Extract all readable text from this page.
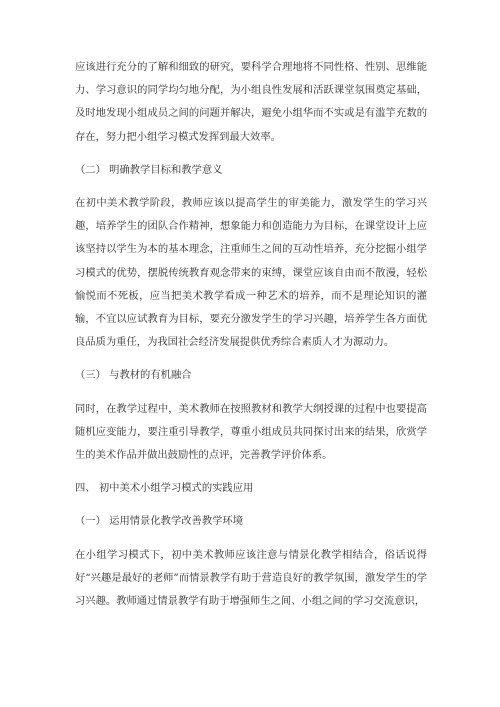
应该进行充分的了解和细致的研究，要科学合理地将不同性格、性别、思维能力、学习意识的同学均匀地分配，为小组良性发展和活跃课堂氛围奠定基础，及时地发现小组成员之间的问题并解决，避免小组华而不实或是有滥竽充数的存在，努力把小组学习模式发挥到最大效率。

（二） 明确教学目标和教学意义

在初中美术教学阶段，教师应该以提高学生的审美能力，激发学生的学习兴趣，培养学生的团队合作精神，想象能力和创造能力为目标，在课堂设计上应该坚持以学生为本的基本理念，注重师生之间的互动性培养，充分挖掘小组学习模式的优势，摆脱传统教育观念带来的束缚，课堂应该自由而不散漫，轻松愉悦而不死板，应当把美术教学看成一种艺术的培养，而不是理论知识的灌输，不宜以应试教育为目标，要充分激发学生的学习兴趣，培养学生各方面优良品质为重任，为我国社会经济发展提供优秀综合素质人才为源动力。

（三） 与教材的有机融合

同时，在教学过程中，美术教师在按照教材和教学大纲授课的过程中也要提高随机应变能力，要注重引导教学，尊重小组成员共同探讨出来的结果，欣赏学生的美术作品并做出鼓励性的点评，完善教学评价体系。

四、 初中美术小组学习模式的实践应用

（一） 运用情景化教学改善教学环境

在小组学习模式下，初中美术教师应该注意与情景化教学相结合，俗话说得好“兴趣是最好的老师”而情景教学有助于营造良好的教学氛围，激发学生的学习兴趣。教师通过情景教学有助于增强师生之间、小组之间的学习交流意识，
